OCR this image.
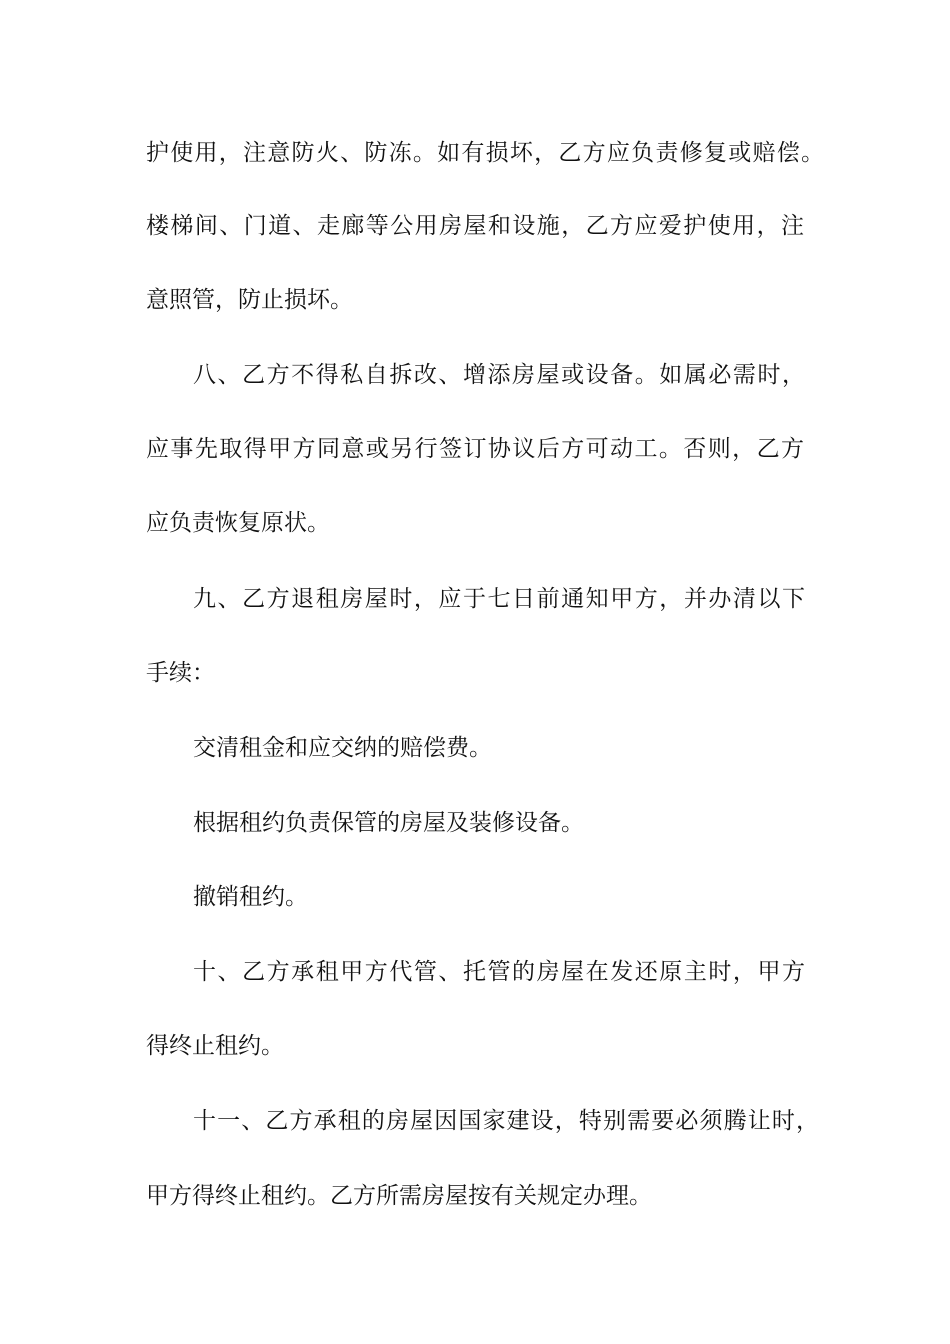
护使用，注意防火、防冻。如有损坏，乙方应负责修复或赔偿。
楼梯间、门道、走廊等公用房屋和设施，乙方应爱护使用，注
意照管，防止损坏。
八、乙方不得私自拆改、增添房屋或设备。如属必需时，
应事先取得甲方同意或另行签订协议后方可动工。否则，乙方
应负责恢复原状。
九、乙方退租房屋时，应于七日前通知甲方，并办清以下
手续：
交清租金和应交纳的赔偿费。
根据租约负责保管的房屋及装修设备。
撤销租约。
十、乙方承租甲方代管、托管的房屋在发还原主时，甲方
得终止租约。
十一、乙方承租的房屋因国家建设，特别需要必须腾让时，
甲方得终止租约。乙方所需房屋按有关规定办理。
